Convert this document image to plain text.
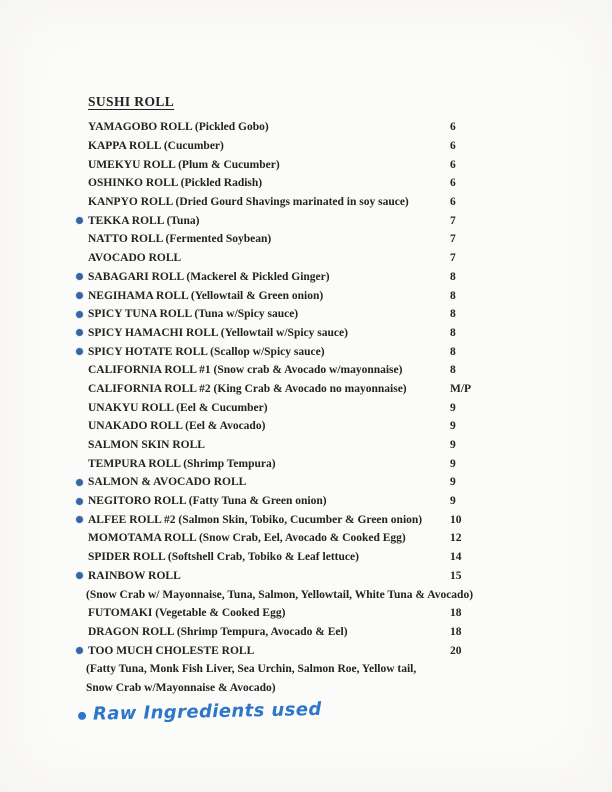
SUSHI ROLL
YAMAGOBO ROLL (Pickled Gobo)	6
KAPPA ROLL (Cucumber)	6
UMEKYU ROLL (Plum & Cucumber)	6
OSHINKO ROLL (Pickled Radish)	6
KANPYO ROLL (Dried Gourd Shavings marinated in soy sauce)	6
TEKKA ROLL (Tuna)	7
NATTO ROLL (Fermented Soybean)	7
AVOCADO ROLL	7
SABAGARI ROLL (Mackerel & Pickled Ginger)	8
NEGIHAMA ROLL (Yellowtail & Green onion)	8
SPICY TUNA ROLL (Tuna w/Spicy sauce)	8
SPICY HAMACHI ROLL (Yellowtail w/Spicy sauce)	8
SPICY HOTATE ROLL (Scallop w/Spicy sauce)	8
CALIFORNIA ROLL #1 (Snow crab & Avocado w/mayonnaise)	8
CALIFORNIA ROLL #2 (King Crab & Avocado no mayonnaise)	M/P
UNAKYU ROLL (Eel & Cucumber)	9
UNAKADO ROLL (Eel & Avocado)	9
SALMON SKIN ROLL	9
TEMPURA ROLL (Shrimp Tempura)	9
SALMON & AVOCADO ROLL	9
NEGITORO ROLL (Fatty Tuna & Green onion)	9
ALFEE ROLL #2 (Salmon Skin, Tobiko, Cucumber & Green onion)	10
MOMOTAMA ROLL (Snow Crab, Eel, Avocado & Cooked Egg)	12
SPIDER ROLL (Softshell Crab, Tobiko & Leaf lettuce)	14
RAINBOW ROLL	15
(Snow Crab w/ Mayonnaise, Tuna, Salmon, Yellowtail, White Tuna & Avocado)
FUTOMAKI (Vegetable & Cooked Egg)	18
DRAGON ROLL (Shrimp Tempura, Avocado & Eel)	18
TOO MUCH CHOLESTE ROLL	20
(Fatty Tuna, Monk Fish Liver, Sea Urchin, Salmon Roe, Yellow tail,
Snow Crab w/Mayonnaise & Avocado)
Raw Ingredients used
